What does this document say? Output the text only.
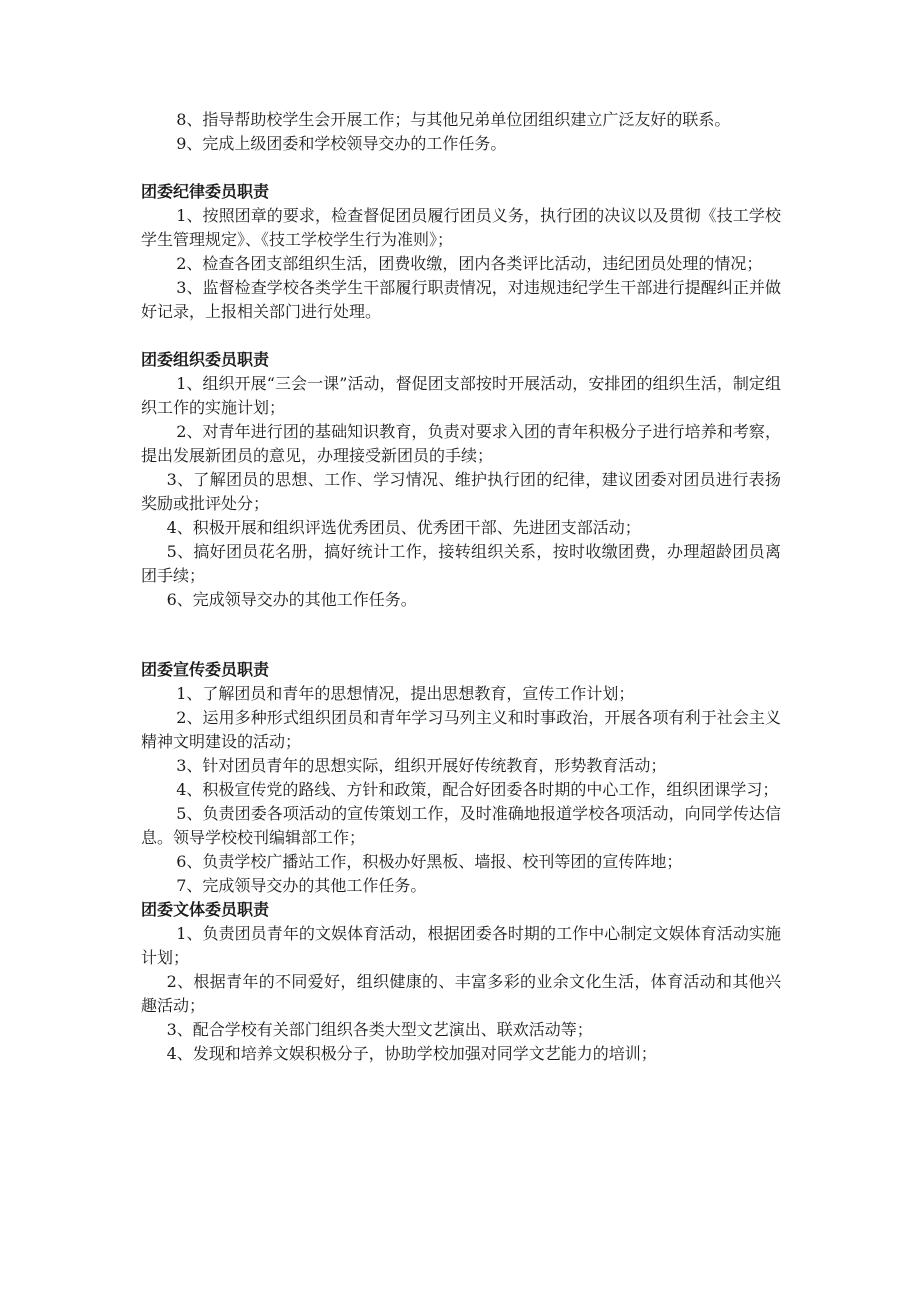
8、指导帮助校学生会开展工作；与其他兄弟单位团组织建立广泛友好的联系。

9、完成上级团委和学校领导交办的工作任务。

团委纪律委员职责

1、按照团章的要求，检查督促团员履行团员义务，执行团的决议以及贯彻《技工学校学生管理规定》、《技工学校学生行为准则》；

2、检查各团支部组织生活，团费收缴，团内各类评比活动，违纪团员处理的情况；

3、监督检查学校各类学生干部履行职责情况，对违规违纪学生干部进行提醒纠正并做好记录，上报相关部门进行处理。

团委组织委员职责

1、组织开展“三会一课”活动，督促团支部按时开展活动，安排团的组织生活，制定组织工作的实施计划；

2、对青年进行团的基础知识教育，负责对要求入团的青年积极分子进行培养和考察，提出发展新团员的意见，办理接受新团员的手续；

3、了解团员的思想、工作、学习情况、维护执行团的纪律，建议团委对团员进行表扬奖励或批评处分；

4、积极开展和组织评选优秀团员、优秀团干部、先进团支部活动；

5、搞好团员花名册，搞好统计工作，接转组织关系，按时收缴团费，办理超龄团员离团手续；

6、完成领导交办的其他工作任务。

团委宣传委员职责

1、了解团员和青年的思想情况，提出思想教育，宣传工作计划；

2、运用多种形式组织团员和青年学习马列主义和时事政治，开展各项有利于社会主义精神文明建设的活动；

3、针对团员青年的思想实际，组织开展好传统教育，形势教育活动；

4、积极宣传党的路线、方针和政策，配合好团委各时期的中心工作，组织团课学习；

5、负责团委各项活动的宣传策划工作，及时准确地报道学校各项活动，向同学传达信息。领导学校校刊编辑部工作；

6、负责学校广播站工作，积极办好黑板、墙报、校刊等团的宣传阵地；

7、完成领导交办的其他工作任务。

团委文体委员职责

1、负责团员青年的文娱体育活动，根据团委各时期的工作中心制定文娱体育活动实施计划；

2、根据青年的不同爱好，组织健康的、丰富多彩的业余文化生活，体育活动和其他兴趣活动；

3、配合学校有关部门组织各类大型文艺演出、联欢活动等；

4、发现和培养文娱积极分子，协助学校加强对同学文艺能力的培训；
